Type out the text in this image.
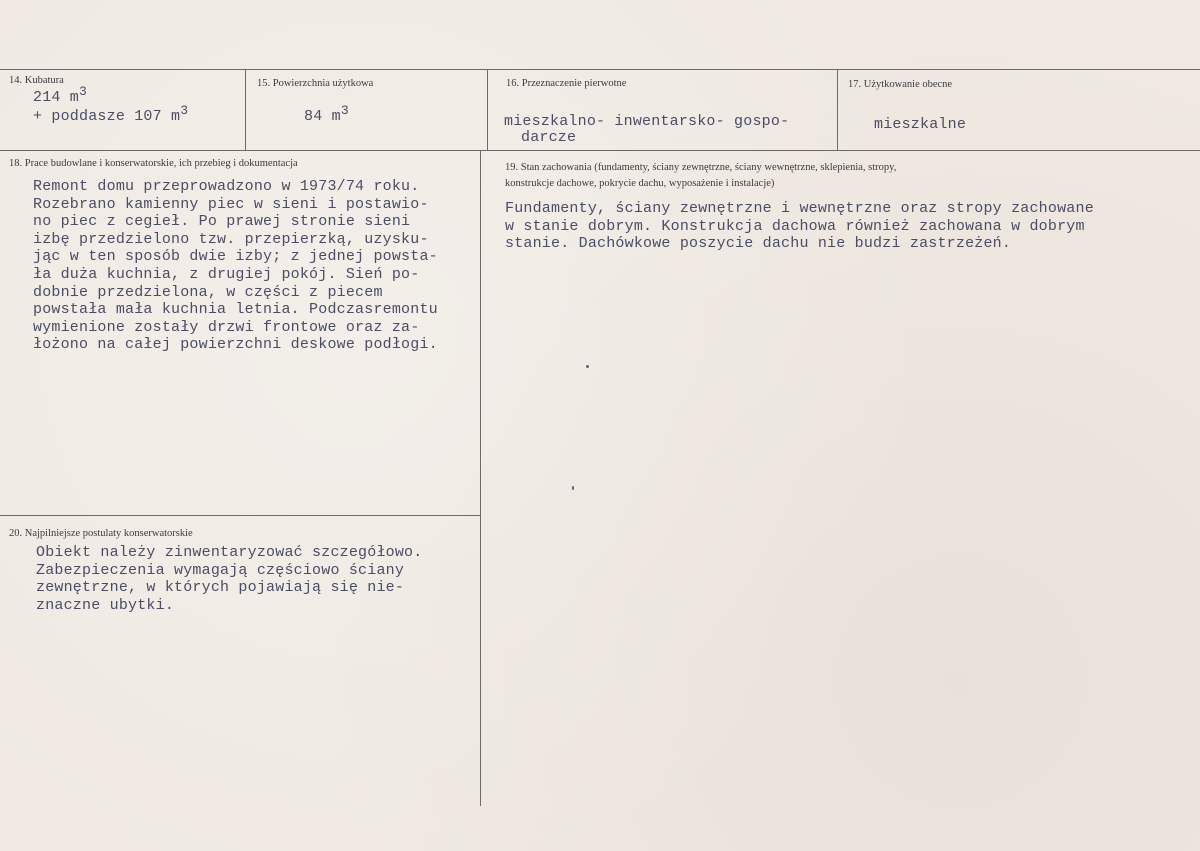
14. Kubatura
214 m3
+ poddasze 107 m3
15. Powierzchnia użytkowa
84 m3
16. Przeznaczenie pierwotne
mieszkalno- inwentarsko- gospo-
darcze
17. Użytkowanie obecne
mieszkalne
18. Prace budowlane i konserwatorskie, ich przebieg i dokumentacja
Remont domu przeprowadzono w 1973/74 roku.
Rozebrano kamienny piec w sieni i postawio-
no piec z cegieł. Po prawej stronie sieni
izbę przedzielono tzw. przepierzką, uzysku-
jąc w ten sposób dwie izby; z jednej powsta-
ła duża kuchnia, z drugiej pokój. Sień po-
dobnie przedzielona, w części z piecem
powstała mała kuchnia letnia. Podczasremontu
wymienione zostały drzwi frontowe oraz za-
łożono na całej powierzchni deskowe podłogi.
19. Stan zachowania (fundamenty, ściany zewnętrzne, ściany wewnętrzne, sklepienia, stropy,
konstrukcje dachowe, pokrycie dachu, wyposażenie i instalacje)
Fundamenty, ściany zewnętrzne i wewnętrzne oraz stropy zachowane
w stanie dobrym. Konstrukcja dachowa również zachowana w dobrym
stanie. Dachówkowe poszycie dachu nie budzi zastrzeżeń.
20. Najpilniejsze postulaty konserwatorskie
Obiekt należy zinwentaryzować szczegółowo.
Zabezpieczenia wymagają częściowo ściany
zewnętrzne, w których pojawiają się nie-
znaczne ubytki.
